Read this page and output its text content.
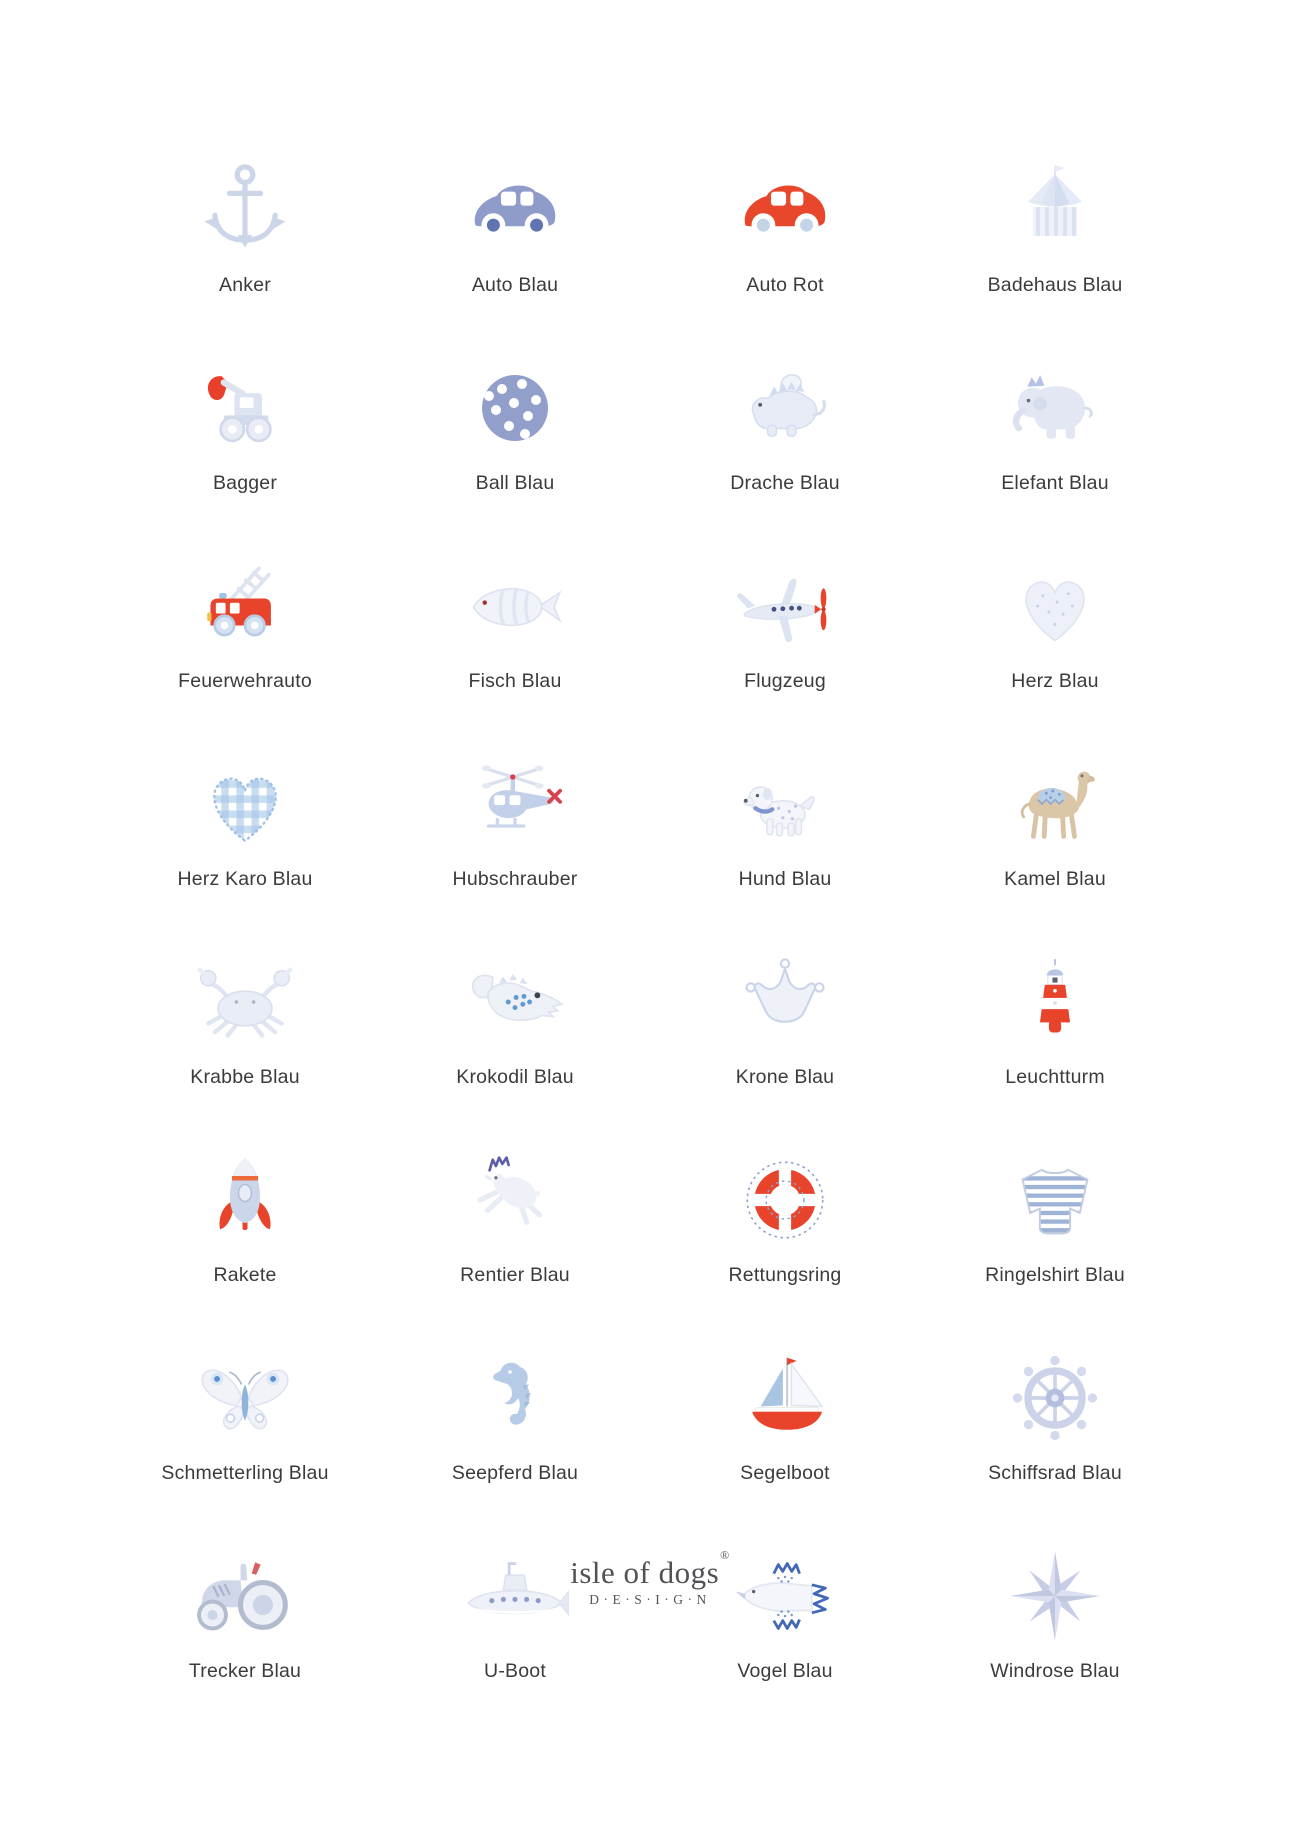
Anker	Auto Blau	Auto Rot	Badehaus Blau
Bagger	Ball Blau	Drache Blau	Elefant Blau
Feuerwehrauto	Fisch Blau	Flugzeug	Herz Blau
Herz Karo Blau	Hubschrauber	Hund Blau	Kamel Blau
Krabbe Blau	Krokodil Blau	Krone Blau	Leuchtturm
Rakete	Rentier Blau	Rettungsring	Ringelshirt Blau
Schmetterling Blau	Seepferd Blau	Segelboot	Schiffsrad Blau
Trecker Blau	U-Boot	Vogel Blau	Windrose Blau
isle of dogs®
D·E·S·I·G·N
